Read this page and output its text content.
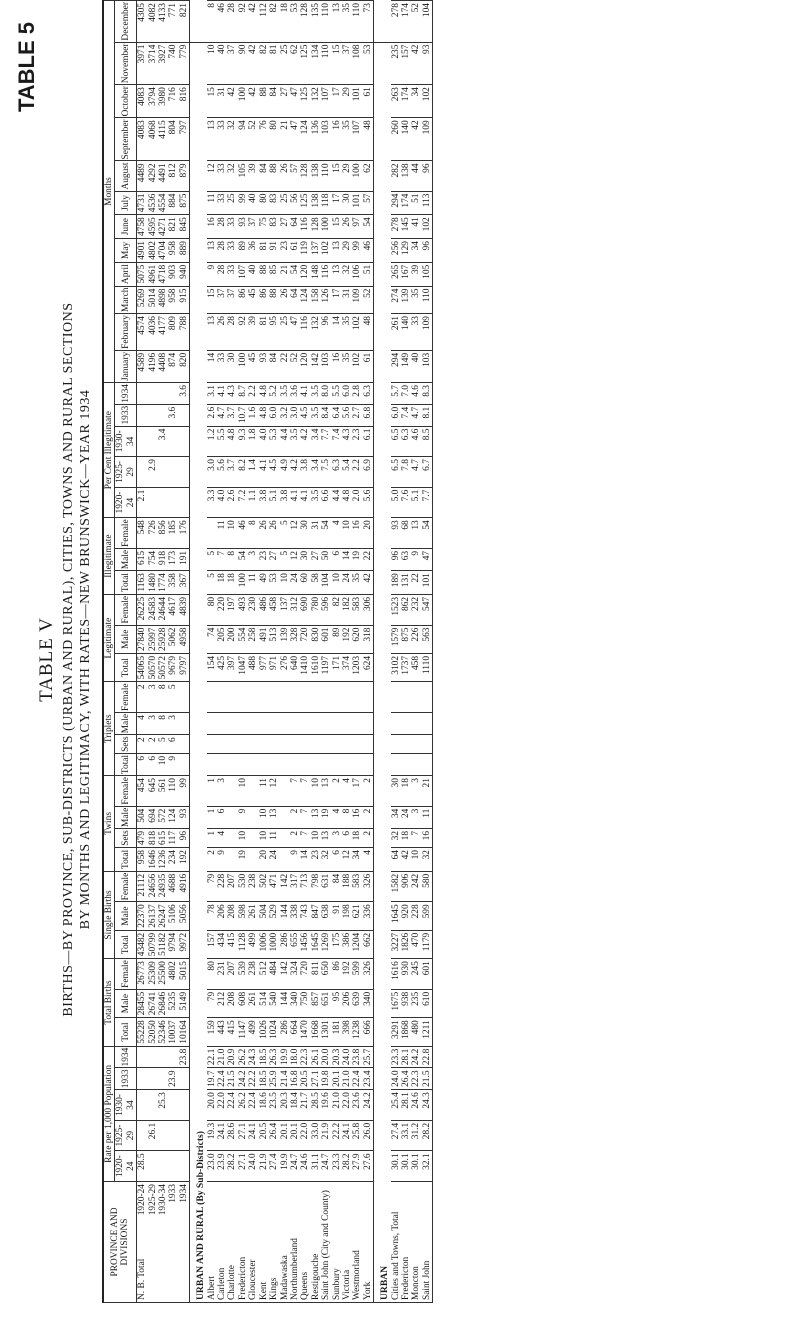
TABLE 5
TABLE V BIRTHS—BY PROVINCE, SUB-DISTRICTS (URBAN AND RURAL), CITIES, TOWNS AND RURAL SECTIONS BY MONTHS AND LEGITIMACY, WITH RATES—NEW BRUNSWICK—YEAR 1934
PROVINCE AND DIVISIONS	Rate per 1,000 Population					Total Births			Single Births			Twins				Triplets				Legitimate			Illegitimate			Per Cent Illegitimate					Months											
	1920-24	1925-29	1930-34	1933	1934	Total	Male	Female	Total	Male	Female	Total	Sets	Male	Female	Total	Sets	Male	Female	Total	Male	Female	Total	Male	Female	1920-24	1925-29	1930-34	1933	1934	January	February	March	April	May	June	July	August	September	October	November	December
N. B. Total
1920-24	28.5					55228	28455	26773	43482	22370	21112	958	479	504	454	6	2	4	2	54065	27840	26225	1163	615	548	2.1					4589	4574	5269	5075	4901	4758	4731	4489	4083	4083	3971	4305

1925-29		26.1				52050	26741	25309	50799	26137	24656	1646	818	694	645	6	2	3	3	50570	25997	24583	1480	754	726		2.9				4196	4036	5014	4961	4802	4595	4536	4292	4068	3794	3714	4082

1930-34			25.3			52346	26846	25500	51182	26247	24935	1236	615	572	561	10	5	8	8	50572	25928	24644	1774	918	856			3.4			4408	4177	4898	4718	4704	4271	4554	4491	4115	3980	3927	4133

1933				23.9		10037	5235	4802	9794	5106	4688	234	117	124	110	9	6	3	5	9679	5062	4617	358	173	185				3.6		874	809	958	903	958	821	884	812	804	716	740	771

1934					23.8	10164	5149	5015	9972	5056	4916	192	96	93	99					9797	4958	4839	367	191	176					3.6	820	788	915	940	889	845	875	879	797	816	779	821

URBAN AND RURAL (By Sub-Districts)																																										
Albert	23.0	19.3	20.0	19.7	22.1	159	79	80	157	78	79	2	1	1	1					154	74	80	5	5		3.3	3.0	1.2	2.6	3.1	14	13	15	9	13	16	11	12	13	15	10	8
Carleton	23.9	24.1	22.0	22.4	21.0	443	212	231	434	206	228	9	4	6	3					425	205	220	18	7	11	4.0	5.6	5.5	4.7	4.1	33	26	37	28	28	28	33	33	33	31	40	46
Charlotte	28.2	28.6	22.4	21.5	20.9	415	208	207	415	208	207									397	200	197	18	8	10	2.6	3.7	4.8	3.7	4.3	30	28	37	33	33	33	25	32	32	42	37	28
Fredericton	27.1	27.1	26.2	24.2	26.2	1147	608	539	1128	598	530	19	10	9	10					1047	554	493	100	54	46	7.2	8.2	9.3	10.7	8.7	100	92	86	107	89	93	99	105	94	100	90	92
Gloucester	24.0	24.1	22.4	22.2	24.3	499	261	238	499	261	238									488	258	230	11	3	8	1.1	1.4	1.8	1.6	2.2	45	39	45	40	36	37	40	39	52	42	42	42
Kent	21.9	20.5	18.6	18.5	18.5	1026	514	512	1006	504	502	20	10	10	11					977	491	486	49	23	26	3.8	4.1	4.0	4.8	4.8	93	81	86	88	81	75	80	84	76	88	82	112
Kings	27.4	26.4	23.5	25.9	26.3	1024	540	484	1000	529	471	24	11	13	12					971	513	458	53	27	26	5.1	4.5	5.3	6.0	5.2	84	95	88	85	91	83	83	88	80	84	81	82
Madawaska	19.9	20.1	20.3	21.4	19.9	286	144	142	286	144	142									276	139	137	10	5	5	3.8	4.9	4.4	3.2	3.5	22	25	26	21	23	27	25	26	21	27	25	18
Northumberland	24.7	20.1	18.4	16.8	18.0	664	340	324	655	338	317	9	2	2	7					640	328	312	24	12	12	4.1	4.2	3.5	3.0	3.6	52	47	64	54	61	64	56	57	47	47	62	53
Queens	24.6	22.0	21.7	20.5	22.3	1470	750	720	1456	743	713	14	7	7	7					1410	720	690	60	30	30	4.1	3.8	4.2	4.5	4.1	120	116	124	120	119	116	125	128	124	125	125	128
Restigouche	31.1	33.0	28.5	27.1	26.1	1668	857	811	1645	847	798	23	10	13	10					1610	830	780	58	27	31	3.5	3.4	3.4	3.5	3.5	142	132	158	148	137	128	138	138	136	132	134	135
Saint John (City and County)	24.7	21.9	19.6	19.8	20.0	1301	651	650	1269	638	631	32	13	19	13					1197	601	596	104	50	54	6.6	7.5	7.7	8.4	8.0	103	96	126	116	102	100	118	110	103	107	110	110
Sunbury	23.3	22.2	21.0	20.1	20.3	181	95	86	175	91	84	6	3	4	2					171	89	82	10	6	4	4.4	6.3	7.4	6.4	5.5	16	14	17	13	13	15	17	15	16	17	15	13
Victoria	28.2	24.1	22.0	21.0	24.0	398	206	192	386	198	188	12	6	8	4					374	192	182	24	14	10	4.8	5.4	4.3	5.6	6.0	35	35	31	32	29	26	30	29	35	29	37	35
Westmorland	27.9	25.8	23.6	22.4	23.8	1238	639	599	1204	621	583	34	18	16	17					1203	620	583	35	19	16	2.0	2.2	2.3	2.7	2.8	102	102	109	106	99	97	101	100	107	101	108	110
York	27.6	26.0	24.2	23.4	25.7	666	340	326	662	336	326	4	2	2	2					624	318	306	42	22	20	5.6	6.9	6.1	6.8	6.3	61	48	52	51	46	54	57	62	48	61	53	73

URBAN																																										
Cities and Towns, Total	30.1	27.4	25.4	24.0	23.3	3291	1675	1616	3227	1645	1582	64	32	34	30					3102	1579	1523	189	96	93	5.0	6.5	6.5	6.0	5.7	294	261	274	265	256	278	294	282	260	263	235	278
Fredericton	30.1	33.1	28.1	26.4	28.1	1868	938	930	1826	920	906	42	18	24	18					1737	875	862	131	63	68	7.6	7.8	6.3	7.4	7.0	149	140	139	167	129	145	174	138	140	174	157	174
Moncton	30.1	31.2	24.6	22.3	24.2	480	235	245	470	228	242	10	7	3	3					458	226	232	22	9	13	5.1	4.7	4.6	4.7	4.6	40	33	35	39	34	41	51	44	42	34	42	52
Saint John	32.1	28.2	24.3	21.5	22.8	1211	610	601	1179	599	580	32	16	11	21					1110	563	547	101	47	54	7.7	6.7	8.5	8.1	8.3	103	109	110	105	96	102	113	96	109	102	93	104
